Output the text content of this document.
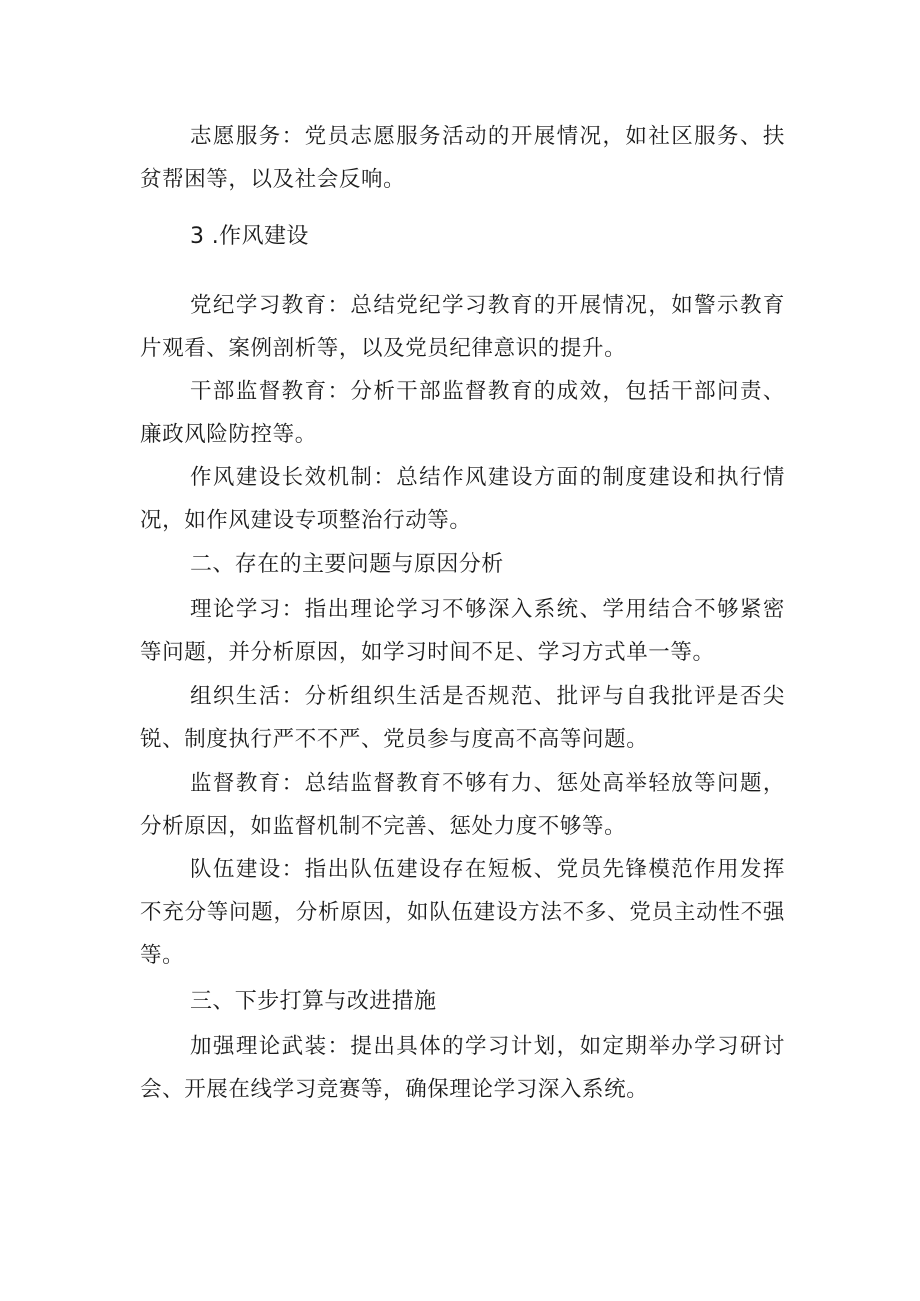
志愿服务：党员志愿服务活动的开展情况，如社区服务、扶贫帮困等，以及社会反响。

3 .作风建设

党纪学习教育：总结党纪学习教育的开展情况，如警示教育片观看、案例剖析等，以及党员纪律意识的提升。

干部监督教育：分析干部监督教育的成效，包括干部问责、廉政风险防控等。

作风建设长效机制：总结作风建设方面的制度建设和执行情况，如作风建设专项整治行动等。

二、存在的主要问题与原因分析

理论学习：指出理论学习不够深入系统、学用结合不够紧密等问题，并分析原因，如学习时间不足、学习方式单一等。

组织生活：分析组织生活是否规范、批评与自我批评是否尖锐、制度执行严不不严、党员参与度高不高等问题。

监督教育：总结监督教育不够有力、惩处高举轻放等问题，分析原因，如监督机制不完善、惩处力度不够等。

队伍建设：指出队伍建设存在短板、党员先锋模范作用发挥不充分等问题，分析原因，如队伍建设方法不多、党员主动性不强等。

三、下步打算与改进措施

加强理论武装：提出具体的学习计划，如定期举办学习研讨会、开展在线学习竞赛等，确保理论学习深入系统。
